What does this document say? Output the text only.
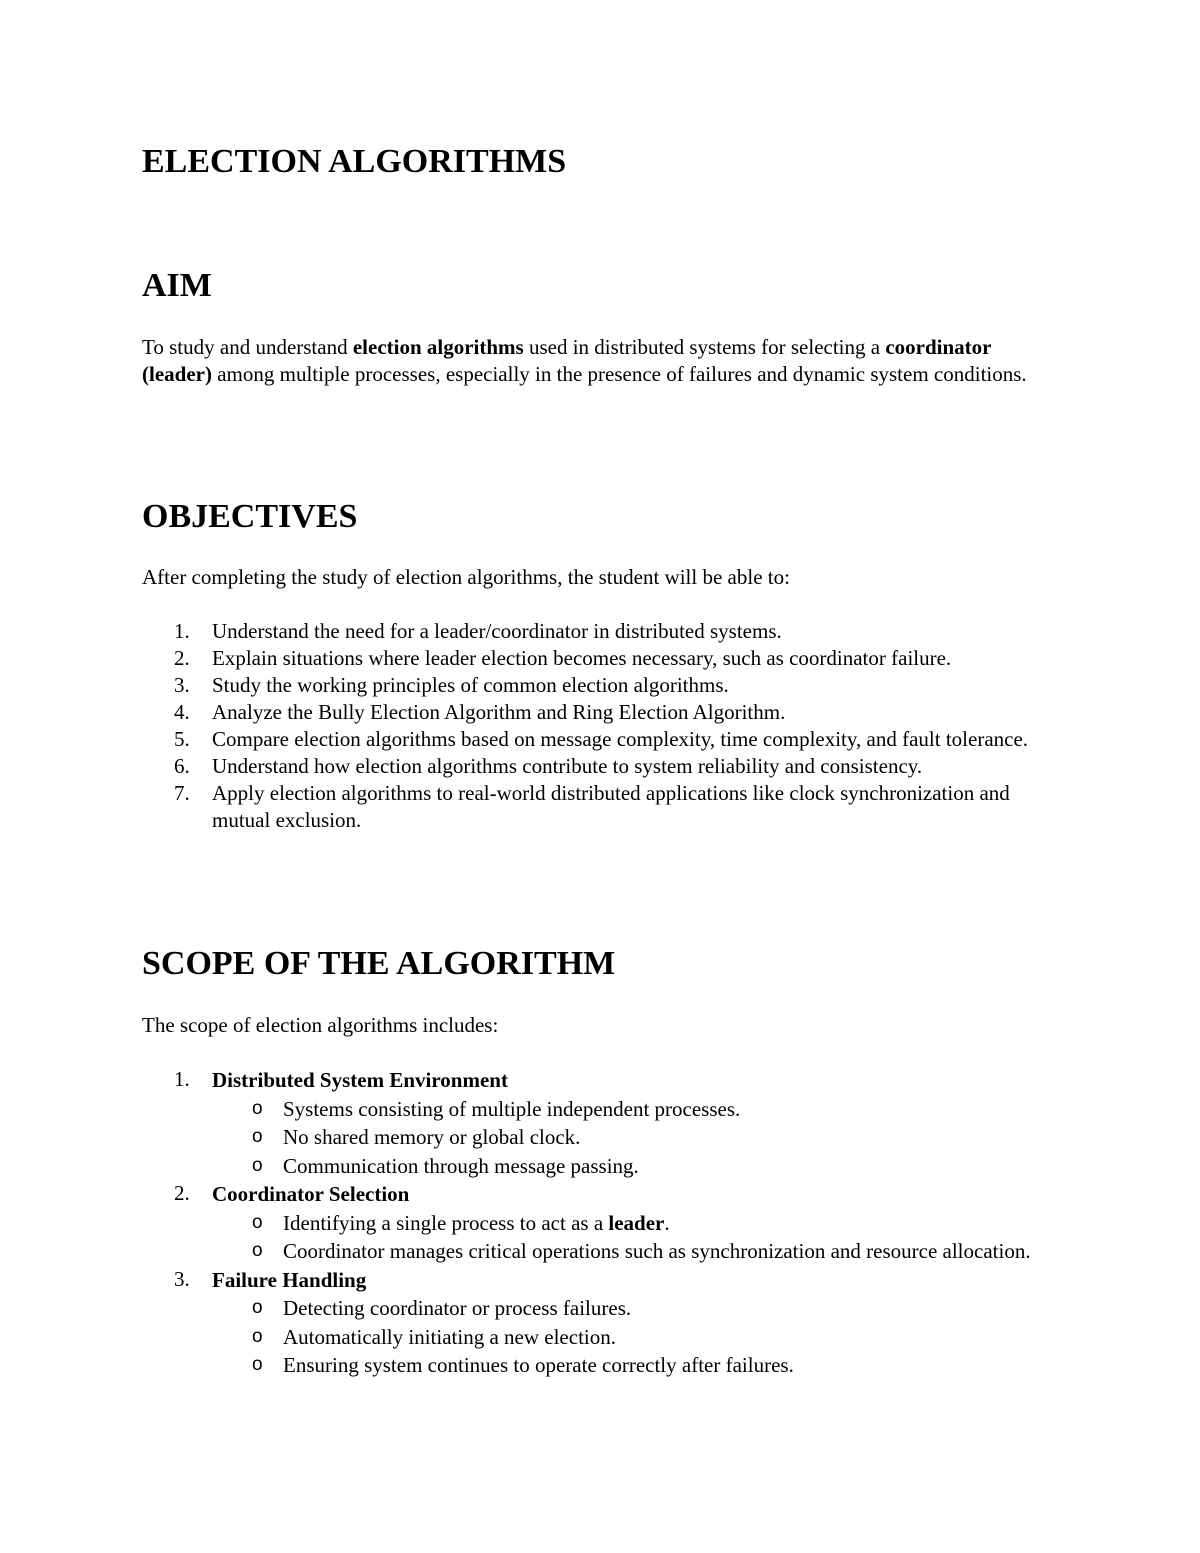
ELECTION ALGORITHMS
AIM

To study and understand election algorithms used in distributed systems for selecting a coordinator (leader) among multiple processes, especially in the presence of failures and dynamic system conditions.

OBJECTIVES

After completing the study of election algorithms, the student will be able to:

1. Understand the need for a leader/coordinator in distributed systems.
2. Explain situations where leader election becomes necessary, such as coordinator failure.
3. Study the working principles of common election algorithms.
4. Analyze the Bully Election Algorithm and Ring Election Algorithm.
5. Compare election algorithms based on message complexity, time complexity, and fault tolerance.
6. Understand how election algorithms contribute to system reliability and consistency.
7. Apply election algorithms to real-world distributed applications like clock synchronization and mutual exclusion.
SCOPE OF THE ALGORITHM

The scope of election algorithms includes:

1. Distributed System Environment
o Systems consisting of multiple independent processes.
o No shared memory or global clock.
o Communication through message passing.
2. Coordinator Selection
o Identifying a single process to act as a leader.
o Coordinator manages critical operations such as synchronization and resource allocation.
3. Failure Handling
o Detecting coordinator or process failures.
o Automatically initiating a new election.
o Ensuring system continues to operate correctly after failures.
